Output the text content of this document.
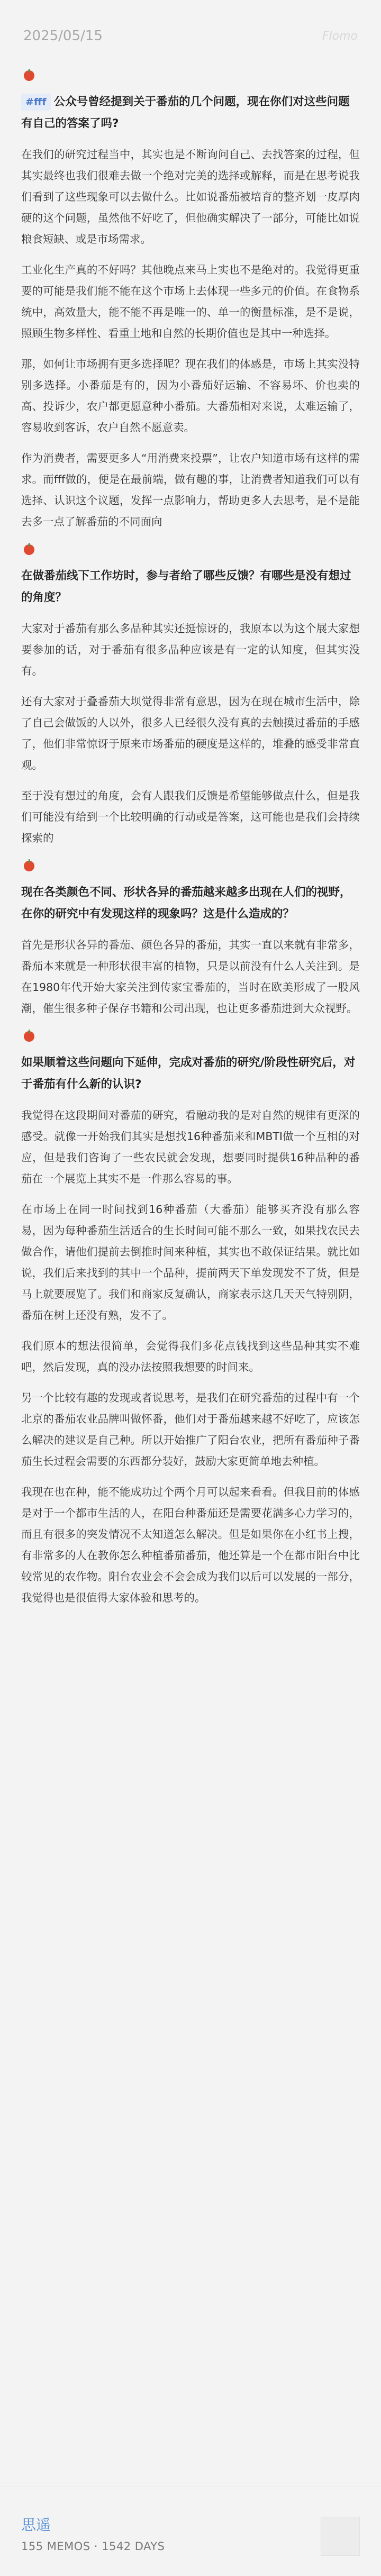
2025/05/15	Flomo
#fff 公众号曾经提到关于番茄的几个问题，现在你们对这些问题有自己的答案了吗?
在我们的研究过程当中，其实也是不断询问自己、去找答案的过程，但其实最终也我们很难去做一个绝对完美的选择或解释，而是在思考说我们看到了这些现象可以去做什么。比如说番茄被培育的整齐划一皮厚肉硬的这个问题，虽然他不好吃了，但他确实解决了一部分，可能比如说粮食短缺、或是市场需求。
工业化生产真的不好吗？其他晚点来马上实也不是绝对的。我觉得更重要的可能是我们能不能在这个市场上去体现一些多元的价值。在食物系统中，高效量大，能不能不再是唯一的、单一的衡量标准，是不是说，照顾生物多样性、看重土地和自然的长期价值也是其中一种选择。
那，如何让市场拥有更多选择呢？现在我们的体感是，市场上其实没特别多选择。小番茄是有的，因为小番茄好运输、不容易坏、价也卖的高、投诉少，农户都更愿意种小番茄。大番茄相对来说，太难运输了，容易收到客诉，农户自然不愿意卖。
作为消费者，需要更多人“用消费来投票”，让农户知道市场有这样的需求。而fff做的，便是在最前端，做有趣的事，让消费者知道我们可以有选择、认识这个议题，发挥一点影响力，帮助更多人去思考，是不是能去多一点了解番茄的不同面向
在做番茄线下工作坊时，参与者给了哪些反馈？有哪些是没有想过的角度？
大家对于番茄有那么多品种其实还挺惊讶的，我原本以为这个展大家想要参加的话，对于番茄有很多品种应该是有一定的认知度，但其实没有。
还有大家对于叠番茄大坝觉得非常有意思，因为在现在城市生活中，除了自己会做饭的人以外，很多人已经很久没有真的去触摸过番茄的手感了，他们非常惊讶于原来市场番茄的硬度是这样的，堆叠的感受非常直观。
至于没有想过的角度，会有人跟我们反馈是希望能够做点什么，但是我们可能没有给到一个比较明确的行动或是答案，这可能也是我们会持续探索的
现在各类颜色不同、形状各异的番茄越来越多出现在人们的视野，在你的研究中有发现这样的现象吗？这是什么造成的？
首先是形状各异的番茄、颜色各异的番茄，其实一直以来就有非常多，番茄本来就是一种形状很丰富的植物，只是以前没有什么人关注到。是在1980年代开始大家关注到传家宝番茄的，当时在欧美形成了一股风潮，催生很多种子保存书籍和公司出现，也让更多番茄进到大众视野。
如果顺着这些问题向下延伸，完成对番茄的研究/阶段性研究后，对于番茄有什么新的认识?
我觉得在这段期间对番茄的研究，看融动我的是对自然的规律有更深的感受。就像一开始我们其实是想找16种番茄来和MBTI做一个互相的对应，但是我们咨询了一些农民就会发现，想要同时提供16种品种的番茄在一个展览上其实不是一件那么容易的事。
在市场上在同一时间找到16种番茄（大番茄）能够买齐没有那么容易，因为每种番茄生活适合的生长时间可能不那么一致，如果找农民去做合作，请他们提前去倒推时间来种植，其实也不敢保证结果。就比如说，我们后来找到的其中一个品种，提前两天下单发现发不了货，但是马上就要展览了。我们和商家反复确认，商家表示这几天天气特别阴，番茄在树上还没有熟，发不了。
我们原本的想法很简单，会觉得我们多花点钱找到这些品种其实不难吧，然后发现，真的没办法按照我想要的时间来。
另一个比较有趣的发现或者说思考，是我们在研究番茄的过程中有一个北京的番茄农业品牌叫做怀番，他们对于番茄越来越不好吃了，应该怎么解决的建议是自己种。所以开始推广了阳台农业，把所有番茄种子番茄生长过程会需要的东西都分装好，鼓励大家更简单地去种植。
我现在也在种，能不能成功过个两个月可以起来看看。但我目前的体感是对于一个都市生活的人，在阳台种番茄还是需要花满多心力学习的，而且有很多的突发情况不太知道怎么解决。但是如果你在小红书上搜，有非常多的人在教你怎么种植番茄番茄，他还算是一个在都市阳台中比较常见的农作物。阳台农业会不会会成为我们以后可以发展的一部分，我觉得也是很值得大家体验和思考的。
思遥
155 MEMOS · 1542 DAYS
